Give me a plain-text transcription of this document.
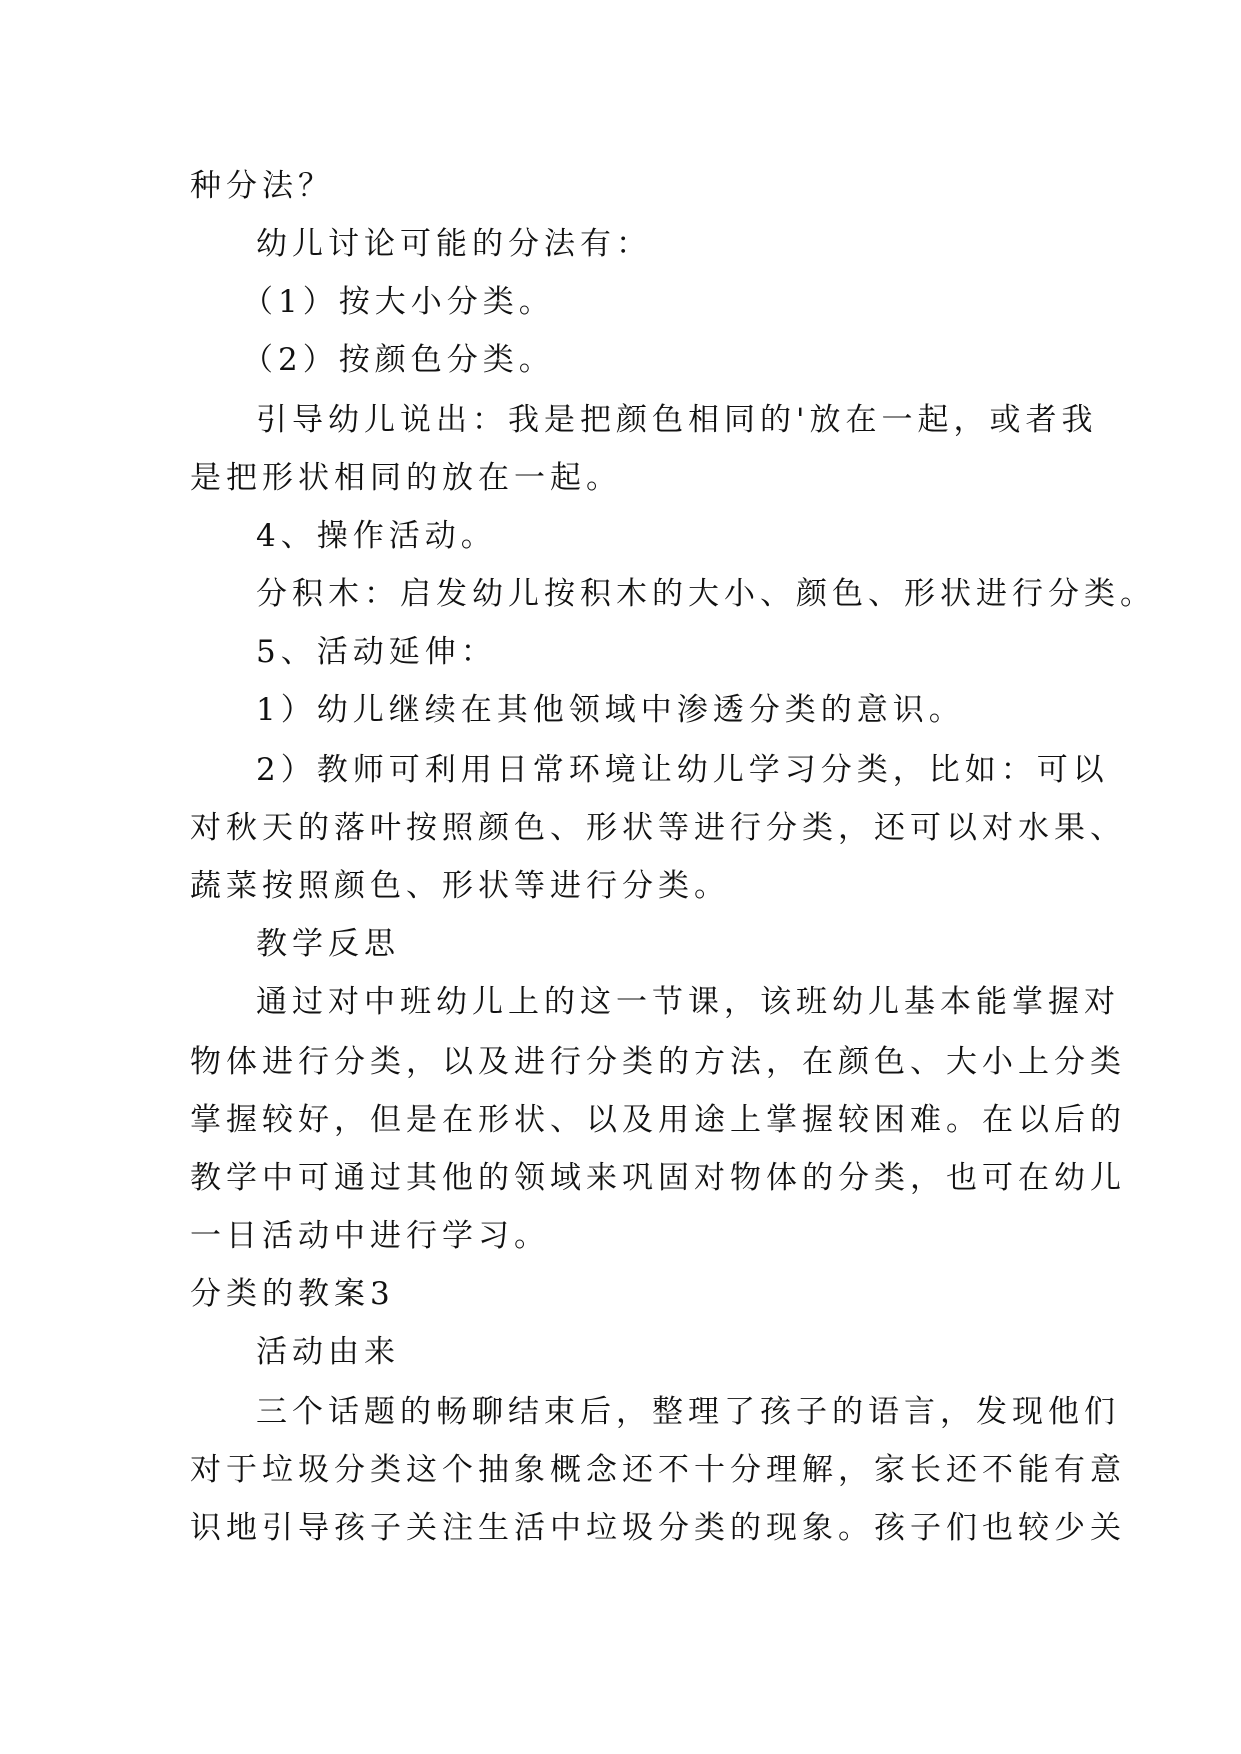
种分法？
幼儿讨论可能的分法有：
（1）按大小分类。
（2）按颜色分类。
引导幼儿说出：我是把颜色相同的'放在一起，或者我
是把形状相同的放在一起。
4、操作活动。
分积木：启发幼儿按积木的大小、颜色、形状进行分类。
5、活动延伸：
1）幼儿继续在其他领域中渗透分类的意识。
2）教师可利用日常环境让幼儿学习分类，比如：可以
对秋天的落叶按照颜色、形状等进行分类，还可以对水果、
蔬菜按照颜色、形状等进行分类。
教学反思
通过对中班幼儿上的这一节课，该班幼儿基本能掌握对
物体进行分类，以及进行分类的方法，在颜色、大小上分类
掌握较好，但是在形状、以及用途上掌握较困难。在以后的
教学中可通过其他的领域来巩固对物体的分类，也可在幼儿
一日活动中进行学习。
分类的教案3
活动由来
三个话题的畅聊结束后，整理了孩子的语言，发现他们
对于垃圾分类这个抽象概念还不十分理解，家长还不能有意
识地引导孩子关注生活中垃圾分类的现象。孩子们也较少关
